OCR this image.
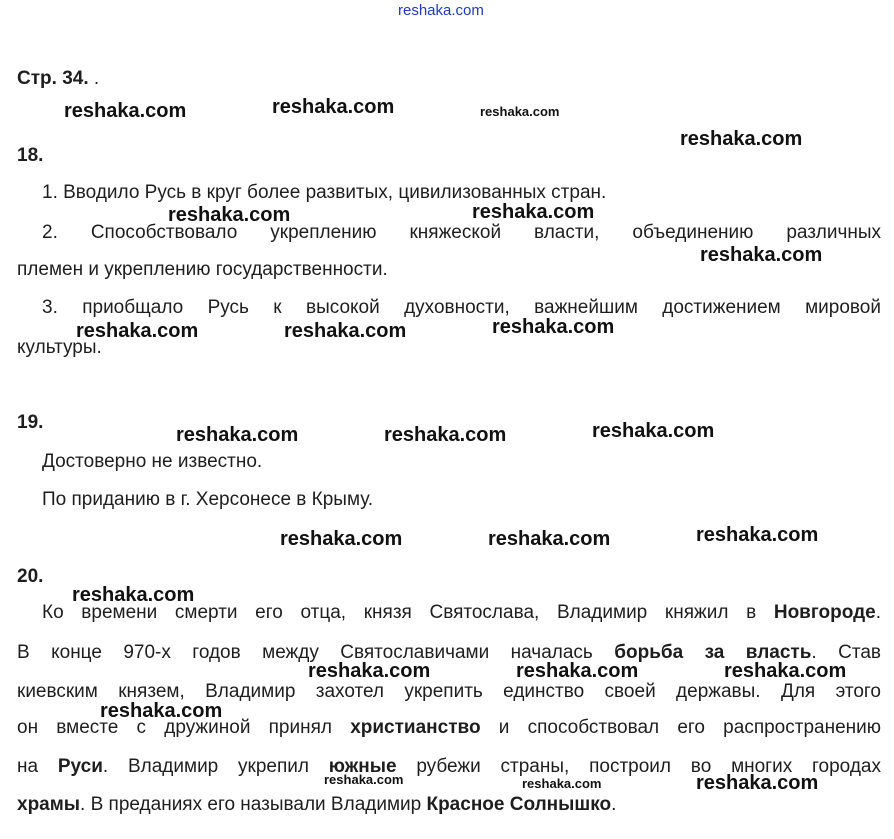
reshaka.com
Стр. 34. .
reshaka.com	reshaka.com	reshaka.com
reshaka.com
18.
1. Вводило Русь в круг более развитых, цивилизованных стран.
reshaka.com	reshaka.com
2. Способствовало укреплению княжеской власти, объединению различных
reshaka.com
племен и укреплению государственности.
3. приобщало Русь к высокой духовности, важнейшим достижением мировой
культуры.
reshaka.com	reshaka.com	reshaka.com
19.
reshaka.com	reshaka.com	reshaka.com
Достоверно не известно.
По приданию в г. Херсонесе в Крыму.
reshaka.com	reshaka.com	reshaka.com
20.
reshaka.com
Ко времени смерти его отца, князя Святослава, Владимир княжил в Новгороде.
В конце 970-х годов между Святославичами началась борьба за власть. Став
reshaka.com	reshaka.com	reshaka.com
киевским князем, Владимир захотел укрепить единство своей державы. Для этого
reshaka.com
он вместе с дружиной принял христианство и способствовал его распространению
на Руси. Владимир укрепил южные рубежи страны, построил во многих городах
reshaka.com	reshaka.com	reshaka.com
храмы. В преданиях его называли Владимир Красное Солнышко.
